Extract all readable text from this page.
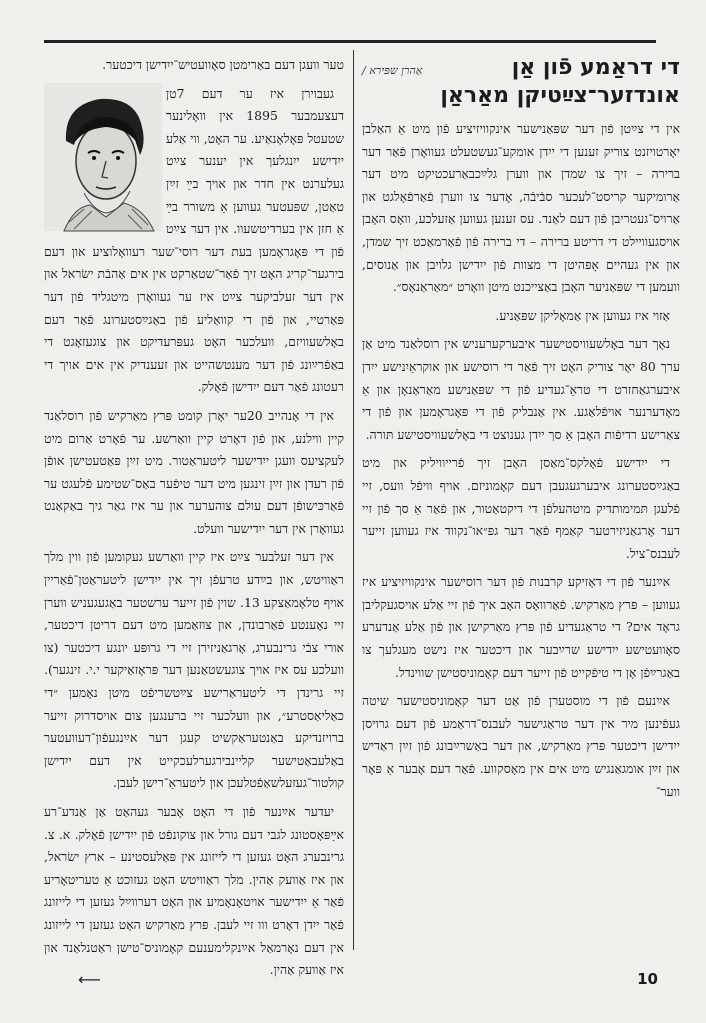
אַהרן שפּירא /	די דראַמע פֿון אַן אונדזער־צײַטיקן מאַראַן

אין די צײַטן פֿון דער שפּאַנישער אינקוויזיציע פֿון מיט אַ האַלבן יאָרטויזנט צוריק זענען די ייִדן אומקע־געשטעלט געוואָרן פֿאַר דער ברירה – זיך צו שמדן און ווערן גלײַכבאַרעכטיקט מיט דער אַרומיקער קריסט־לעכער סבֿיבֿה, אָדער צו ווערן פֿאַרפֿאָלגט און אַרויס־געטריבן פֿון דעם לאַנד. עס זענען געווען אַזעלכע, וואָס האָבן אויסגעוויילט די דריטע ברירה – די ברירה פֿון פֿאַרמאַכט זיך שמדן, און אין געהיים אָפּהיטן די מצוות פֿון ייִדישן גלויבן און אַנוסים, וועמען די שפּאַניער האָבן באַצייכנט מיטן וואָרט ״מאַראַנאָס״.

אַזוי איז געווען אין אַמאָליקן שפּאַניע.

נאָך דער באָלשעוויסטישער איבערקערעניש אין רוסלאַנד מיט אַן ערך 80 יאָר צוריק האָט זיך פֿאַר די רוסישע און אוקראַיִנישע ייִדן איבערגאַחזרט די טראַ־געדיע פֿון די שפּאַנישע מאַראַנאָן און אַ מאָדערנער אויפֿלאַגע. אין אַנבליק פֿון די פּאָגראָמען און פֿון די צאַרישע רדיפֿות האָבן אַ סך ייִדן גענוצט די באָלשעוויסטישע תּורה.

די ייִדישע פֿאָלקס־מאַסן האָבן זיך פֿרייוויליק און מיט באַגײַסטערונג איבערגעגעבן דעם קאָמוניזם. אויף וויפֿל וועס, זיי פֿלעגן תּמימותדיק מיטהעלפֿן די דיקטאַטור, און פֿאַר אַ סך פֿון זיי דער אָרגאַניזירטער קאַמף פֿאַר דער גפּ״או־נקווד איז געווען זייער לעבנס־ציל.

אײַנער פֿון די דאָזיקע קרבנות פֿון דער רוסישער אינקוויזיציע איז געווען – פּרץ מאַרקיש. פֿאַרוואָס האָב איך פֿון זיי אַלע אויסגעקליבן גראָד אים? די טראַגעדיע פֿון פּרץ מאַרקישן און פֿון אַלע אַנדערע סאָוועטישע ייִדישע שרײַבער און דיכטער איז נישט מעגלעך צו באַגרײַפֿן אָן די טיפֿקייט פֿון זייער דעם קאָמוניסטישן שווינדל.

אײַנעם פֿון די מוסטערן פֿון אַט דער קאָמוניסטישער שיטה געפֿינען מיר אין דער טראַגישער לעבנס־דראַמע פֿון דעם גרויסן ייִדישן דיכטער פּרץ מאַרקיש, און דער באַשרײַבונג פֿון זײַן ראַדיש און זײַן אומגאַנגיש מיט אים אין מאָסקווע. פֿאַר דעם אָבער אַ פּאָר ווער־

טער וועגן דעם באַרימטן סאָוועטיש־ייִדישן דיכטער.

געבוירן איז ער דעם 7טן דעצעמבער 1895 אין וואָלינער שטעטל פּאָלאָנאַיע. ער האָט, ווי אַלע ייִדישע ייִנגלעך אין יענער צײַט געלערנט אין חדר און אויך בײַ זײַן טאַטן, שפּעטער געווען אַ משורר בײַ אַ חזן אין בערדיטשעוו. אין דער צײַט פֿון די פּאָגראָמען בעת דער רוסי־שער רעוואָלוציע און דעם בירגער־קריג האָט זיך פֿאַר־שטאַרקט אין אים אַהבֿת ישׂראל און אין דער זעלביקער צײַט איז ער געוואָרן מיטגליד פֿון דער פּאַרטיי, און פֿון די קוואַליע פֿון באַגײַסטערונג פֿאַר דעם באָלשעוויזם, וועלכער האָט געפּרעדיקט און צוגעזאָגט די באַפֿרײַונג פֿון דער מענטשהייט און זעענדיק אין אים אויך די רעטונג פֿאַר דעם ייִדישן פֿאָלק.

אין די אָנהייב 20ער יאָרן קומט פּרץ מאַרקיש פֿון רוסלאַנד קיין ווילנע, און פֿון דאָרט קיין וואַרשע. ער פֿאָרט אַרום מיט לעקציעס וועגן ייִדישער ליטעראַטור. מיט זײַן פּאַטעטישן אופֿן פֿון רעדן און זײַן זינגען מיט דער טיפֿער באַס־שטימע פֿלעגט ער פֿאַרכּישופֿן דעם עולם צוהערער און ער איז גאַר גיך באַקאַנט געוואָרן אין דער ייִדישער וועלט.

אין דער זעלבער צײַט איז קיין וואַרשע געקומען פֿון ווין מלך ראַוויטש, און בײַדע טרעפֿן זיך אין ייִדישן ליטעראַטן־פֿאַריין אויף טלאָמאַצקע 13. שוין פֿון זייער ערשטער באַגעגעניש ווערן זיי נאָענטע פֿאַרבונדן, און צוזאַמען מיט דעם דריטן דיכטער, אורי צבֿי גרינבערג, אָרגאַניזירן זיי די גרופּע יונגע דיכטער (צו וועלכע עס איז אויך צוגעשטאַנען דער פּראָזאַיקער י.י. זינגער). זיי גרינדן די ליטעראַרישע צײַטשריפֿט מיטן נאָמען ״די כאַליאַסטרע״, און וועלכער זיי ברענגען צום אויסדרוק זייער ברויזנדיקע באַנטעראַקשיט קעגן דער אײַנגעפֿון־דעוועטער באַלעבאַטישער קליינבירגערלעכקייט אין דעם ייִדישן קולטור־געזעלשאַפֿטלעכן און ליטעראַ־רישן לעבן.

יעדער אײַנער פֿון די האָט אָבער געהאַט אַן אַנדע־רע אײַפּאָסטונג לגבי דעם גורל און צוקונפֿט פֿון ייִדישן פֿאָלק. א. צ. גרינבערג האָט געזען די לייזונג אין פּאַלעסטינע – ארץ ישׂראל, און איז אַוועק אַהין. מלך ראַוויטש האָט געזוכט אַ טעריטאָריע פֿאַר אַ ייִדישער אויטאָנאָמיע און האָט דערווײַל געזען די לייזונג פֿאַר ייִדן דאָרט ווו זיי לעבן. פּרץ מאַרקיש האָט געזען די לייזונג אין דעם נאָרמאַל אײַנקלימענעם קאָמוניס־טישן ראַטנלאַנד און איז אַוועק אַהין.

⟵	10
